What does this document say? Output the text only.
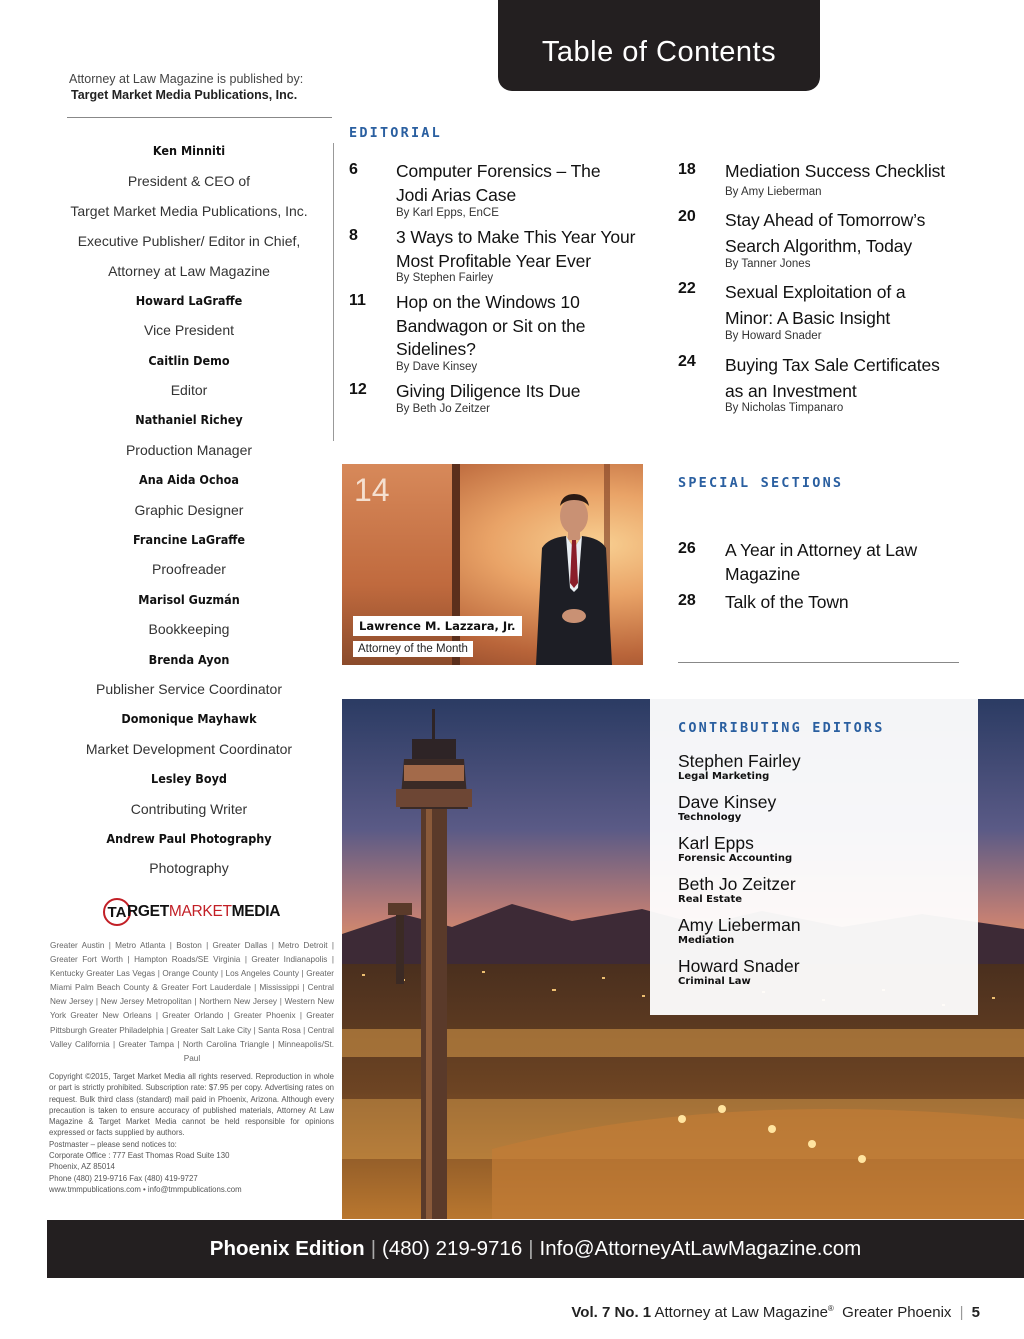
Table of Contents
Attorney at Law Magazine is published by:
Target Market Media Publications, Inc.
Ken Minniti
President & CEO of
Target Market Media Publications, Inc.
Executive Publisher/ Editor in Chief,
Attorney at Law Magazine
Howard LaGraffe
Vice President
Caitlin Demo
Editor
Nathaniel Richey
Production Manager
Ana Aida Ochoa
Graphic Designer
Francine LaGraffe
Proofreader
Marisol Guzmán
Bookkeeping
Brenda Ayon
Publisher Service Coordinator
Domonique Mayhawk
Market Development Coordinator
Lesley Boyd
Contributing Writer
Andrew Paul Photography
Photography
TA RGETMARKETMEDIA
Greater Austin | Metro Atlanta | Boston | Greater Dallas | Metro Detroit | Greater Fort Worth | Hampton Roads/SE Virginia | Greater Indianapolis | Kentucky Greater Las Vegas | Orange County | Los Angeles County | Greater Miami Palm Beach County & Greater Fort Lauderdale | Mississippi | Central New Jersey | New Jersey Metropolitan | Northern New Jersey | Western New York Greater New Orleans | Greater Orlando | Greater Phoenix | Greater Pittsburgh Greater Philadelphia | Greater Salt Lake City | Santa Rosa | Central Valley California | Greater Tampa | North Carolina Triangle | Minneapolis/St. Paul
Copyright ©2015, Target Market Media all rights reserved. Reproduction in whole or part is strictly prohibited. Subscription rate: $7.95 per copy. Advertising rates on request. Bulk third class (standard) mail paid in Phoenix, Arizona. Although every precaution is taken to ensure accuracy of published materials, Attorney At Law Magazine & Target Market Media cannot be held responsible for opinions expressed or facts supplied by authors.
Postmaster – please send notices to:
Corporate Office : 777 East Thomas Road Suite 130
Phoenix, AZ 85014
Phone (480) 219-9716 Fax (480) 419-9727
www.tmmpublications.com • info@tmmpublications.com
EDITORIAL
6 Computer Forensics – The Jodi Arias Case
By Karl Epps, EnCE
8 3 Ways to Make This Year Your Most Profitable Year Ever
By Stephen Fairley
11 Hop on the Windows 10 Bandwagon or Sit on the Sidelines?
By Dave Kinsey
12 Giving Diligence Its Due
By Beth Jo Zeitzer
18 Mediation Success Checklist
By Amy Lieberman
20 Stay Ahead of Tomorrow’s Search Algorithm, Today
By Tanner Jones
22 Sexual Exploitation of a Minor: A Basic Insight
By Howard Snader
24 Buying Tax Sale Certificates as an Investment
By Nicholas Timpanaro
14
Lawrence M. Lazzara, Jr.
Attorney of the Month
SPECIAL SECTIONS
26 A Year in Attorney at Law Magazine
28 Talk of the Town
CONTRIBUTING EDITORS
Stephen Fairley
Legal Marketing
Dave Kinsey
Technology
Karl Epps
Forensic Accounting
Beth Jo Zeitzer
Real Estate
Amy Lieberman
Mediation
Howard Snader
Criminal Law
Phoenix Edition | (480) 219-9716 | Info@AttorneyAtLawMagazine.com
Vol. 7 No. 1 Attorney at Law Magazine® Greater Phoenix | 5
